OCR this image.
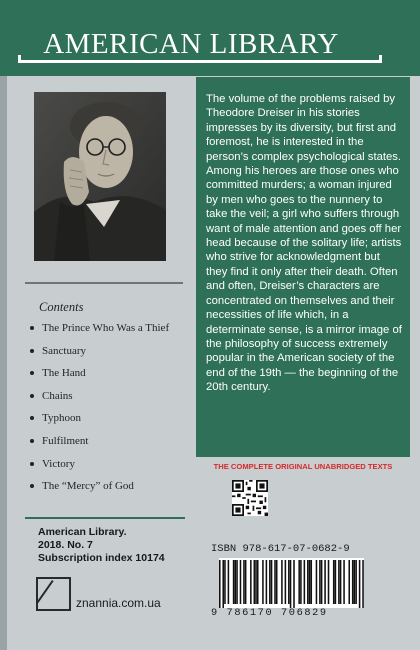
AMERICAN LIBRARY
Contents
The Prince Who Was a Thief
Sanctuary
The Hand
Chains
Typhoon
Fulfilment
Victory
The “Mercy” of God
American Library.
2018. No. 7
Subscription index 10174
znannia.com.ua

The volume of the problems raised by Theodore Dreiser in his stories impresses by its diversity, but first and foremost, he is interested in the person’s complex psychological states. Among his heroes are those ones who committed murders; a woman injured by men who goes to the nunnery to take the veil; a girl who suffers through want of male attention and goes off her head because of the solitary life; artists who strive for acknowledgment but they find it only after their death. Often and often, Dreiser’s characters are concentrated on themselves and their necessities of life which, in a determinate sense, is a mirror image of the philosophy of success extremely popular in the American society of the end of the 19th — the beginning of the 20th century.

THE COMPLETE ORIGINAL UNABRIDGED TEXTS
ISBN 978-617-07-0682-9
9 786170 706829
